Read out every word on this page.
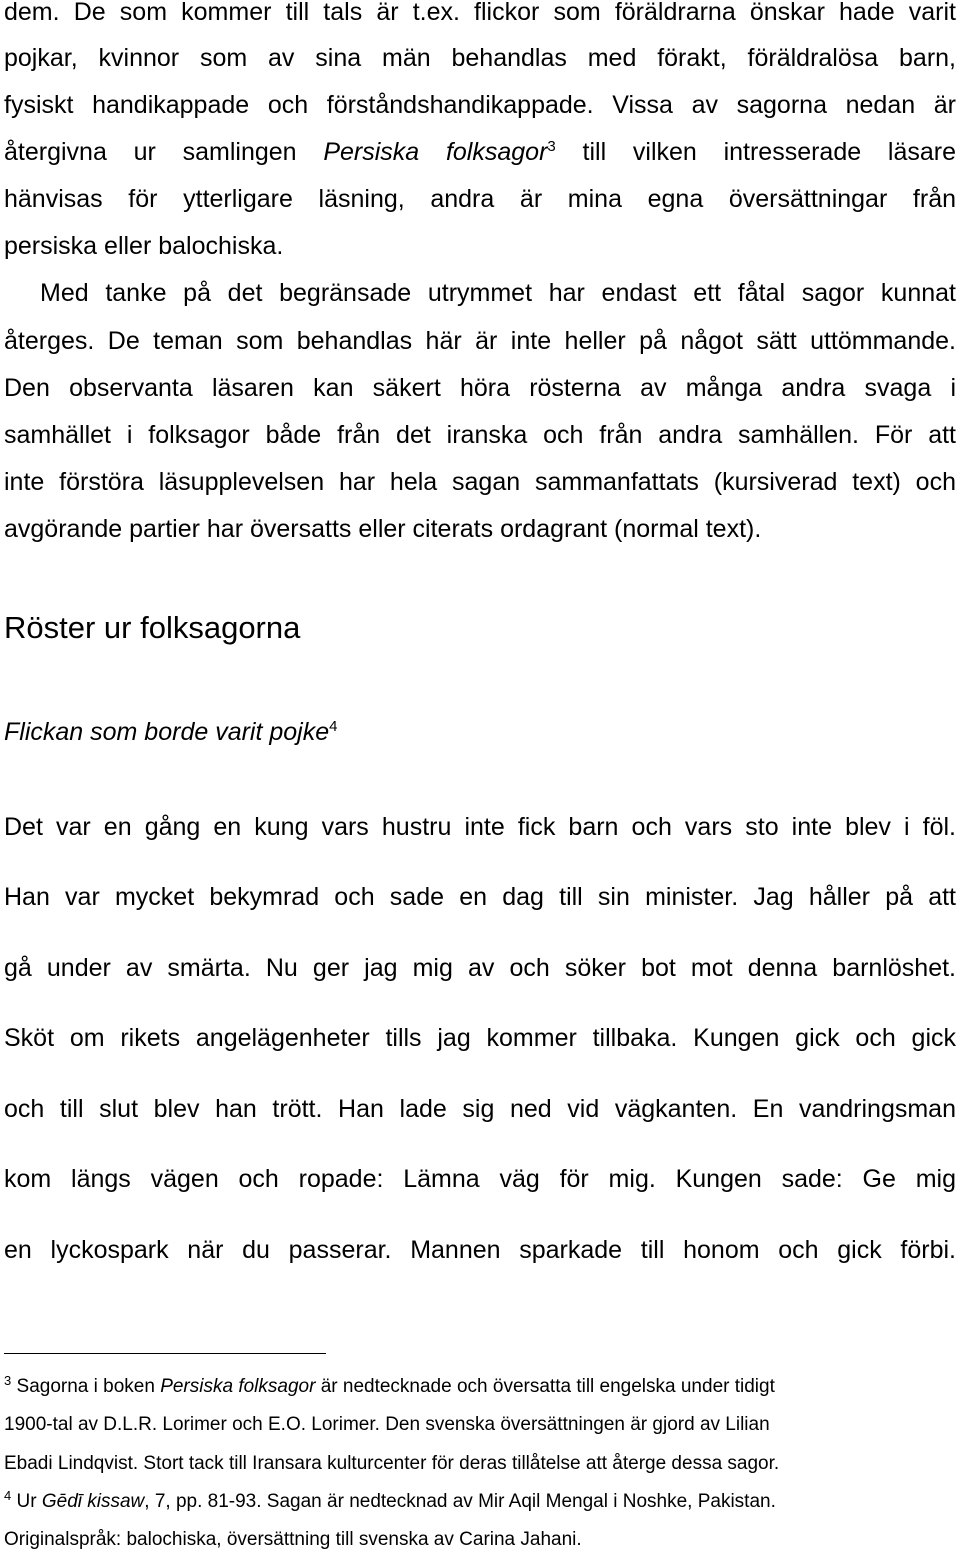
dem. De som kommer till tals är t.ex. flickor som föräldrarna önskar hade varit
pojkar, kvinnor som av sina män behandlas med förakt, föräldralösa barn,
fysiskt handikappade och förståndshandikappade. Vissa av sagorna nedan är
återgivna ur samlingen Persiska folksagor$^3$ till vilken intresserade läsare
hänvisas för ytterligare läsning, andra är mina egna översättningar från
persiska eller balochiska.
Med tanke på det begränsade utrymmet har endast ett fåtal sagor kunnat
återges. De teman som behandlas här är inte heller på något sätt uttömmande.
Den observanta läsaren kan säkert höra rösterna av många andra svaga i
samhället i folksagor både från det iranska och från andra samhällen. För att
inte förstöra läsupplevelsen har hela sagan sammanfattats (kursiverad text) och
avgörande partier har översatts eller citerats ordagrant (normal text).
Röster ur folksagorna
Flickan som borde varit pojke$^4$
Det var en gång en kung vars hustru inte fick barn och vars sto inte blev i föl.
Han var mycket bekymrad och sade en dag till sin minister. Jag håller på att
gå under av smärta. Nu ger jag mig av och söker bot mot denna barnlöshet.
Sköt om rikets angelägenheter tills jag kommer tillbaka. Kungen gick och gick
och till slut blev han trött. Han lade sig ned vid vägkanten. En vandringsman
kom längs vägen och ropade: Lämna väg för mig. Kungen sade: Ge mig
en lyckospark när du passerar. Mannen sparkade till honom och gick förbi.
$^3$ Sagorna i boken Persiska folksagor är nedtecknade och översatta till engelska under tidigt
1900-tal av D.L.R. Lorimer och E.O. Lorimer. Den svenska översättningen är gjord av Lilian
Ebadi Lindqvist. Stort tack till Iransara kulturcenter för deras tillåtelse att återge dessa sagor.
$^4$ Ur Gēdī kissaw, 7, pp. 81-93. Sagan är nedtecknad av Mir Aqil Mengal i Noshke, Pakistan.
Originalspråk: balochiska, översättning till svenska av Carina Jahani.
